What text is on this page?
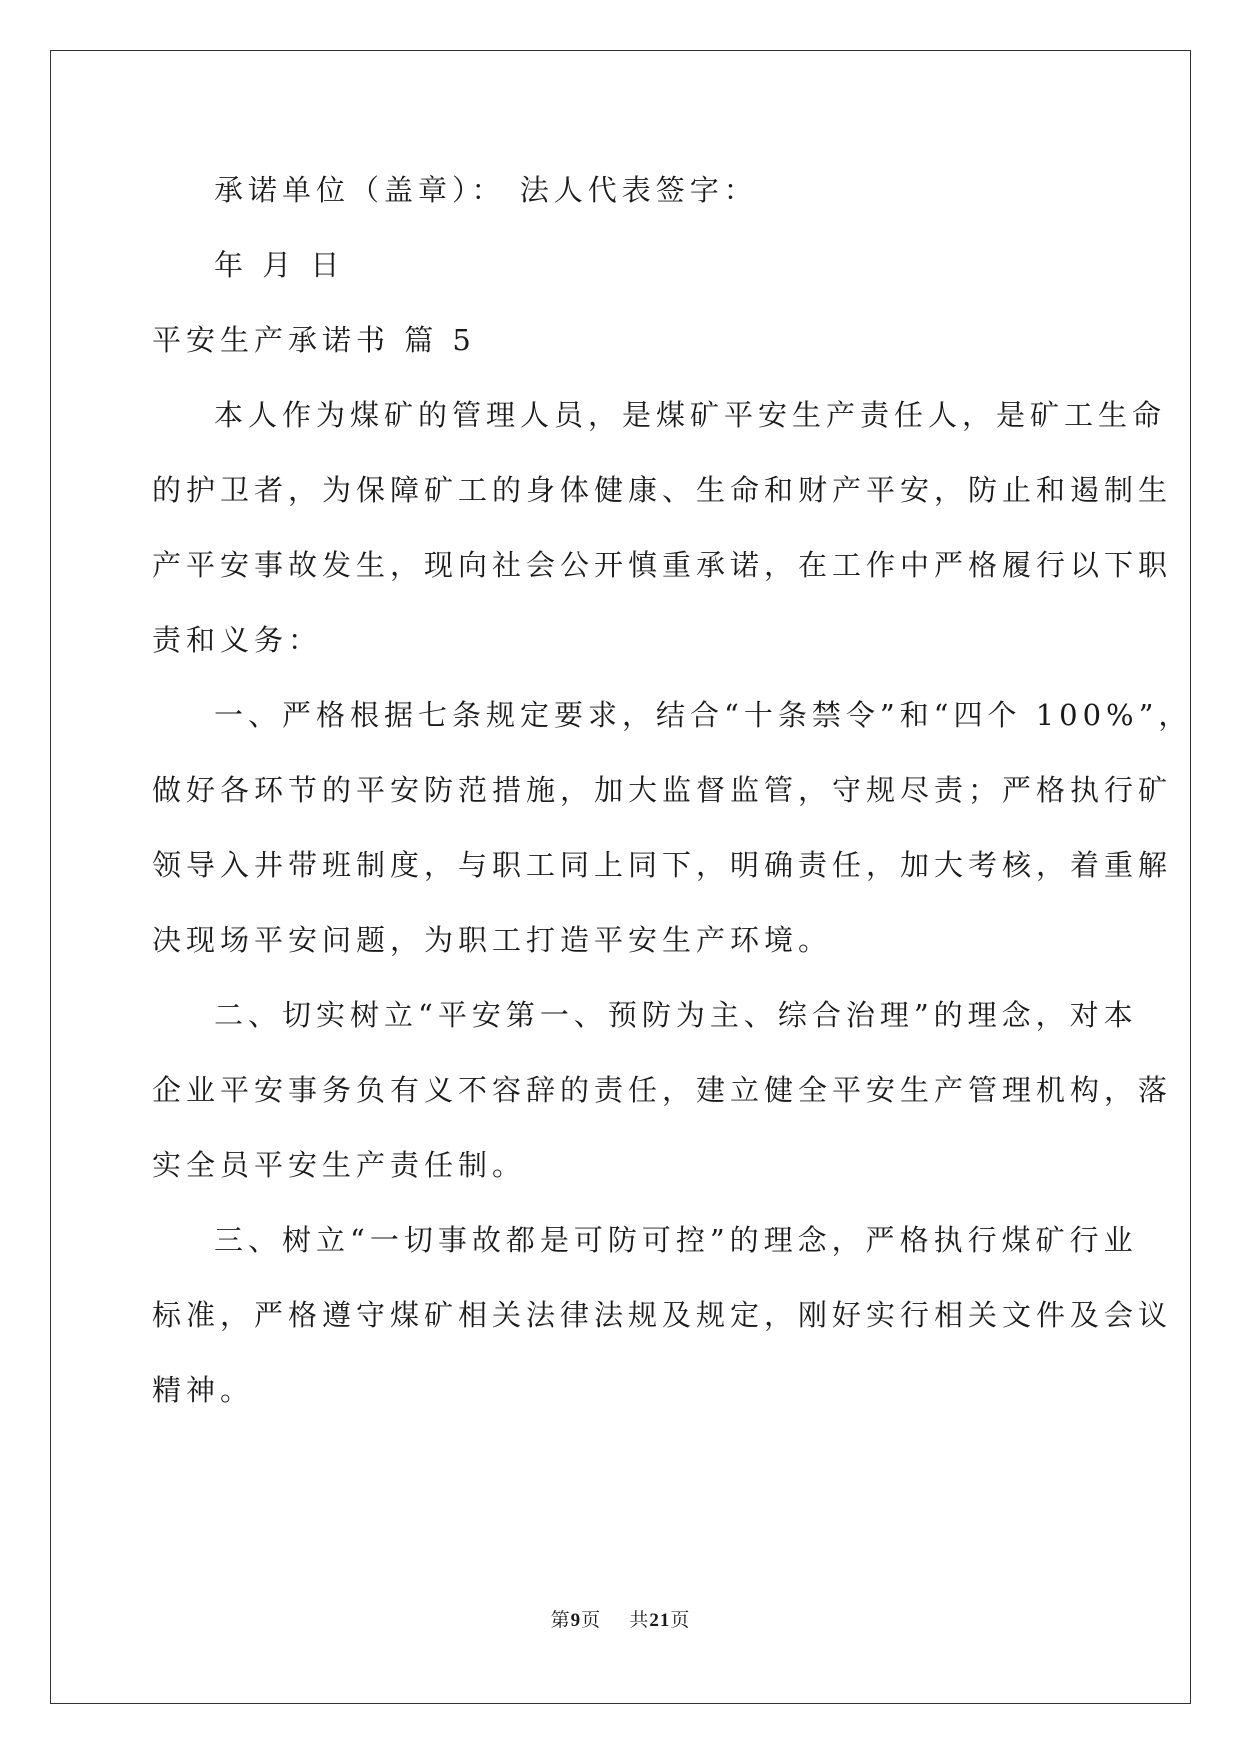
承诺单位（盖章）： 法人代表签字：
年 月 日
平安生产承诺书 篇 5
本人作为煤矿的管理人员，是煤矿平安生产责任人，是矿工生命
的护卫者，为保障矿工的身体健康、生命和财产平安，防止和遏制生
产平安事故发生，现向社会公开慎重承诺，在工作中严格履行以下职
责和义务：
一、严格根据七条规定要求，结合“十条禁令”和“四个 100%”，
做好各环节的平安防范措施，加大监督监管，守规尽责；严格执行矿
领导入井带班制度，与职工同上同下，明确责任，加大考核，着重解
决现场平安问题，为职工打造平安生产环境。
二、切实树立“平安第一、预防为主、综合治理”的理念，对本
企业平安事务负有义不容辞的责任，建立健全平安生产管理机构，落
实全员平安生产责任制。
三、树立“一切事故都是可防可控”的理念，严格执行煤矿行业
标准，严格遵守煤矿相关法律法规及规定，刚好实行相关文件及会议
精神。
第9页    共21页
